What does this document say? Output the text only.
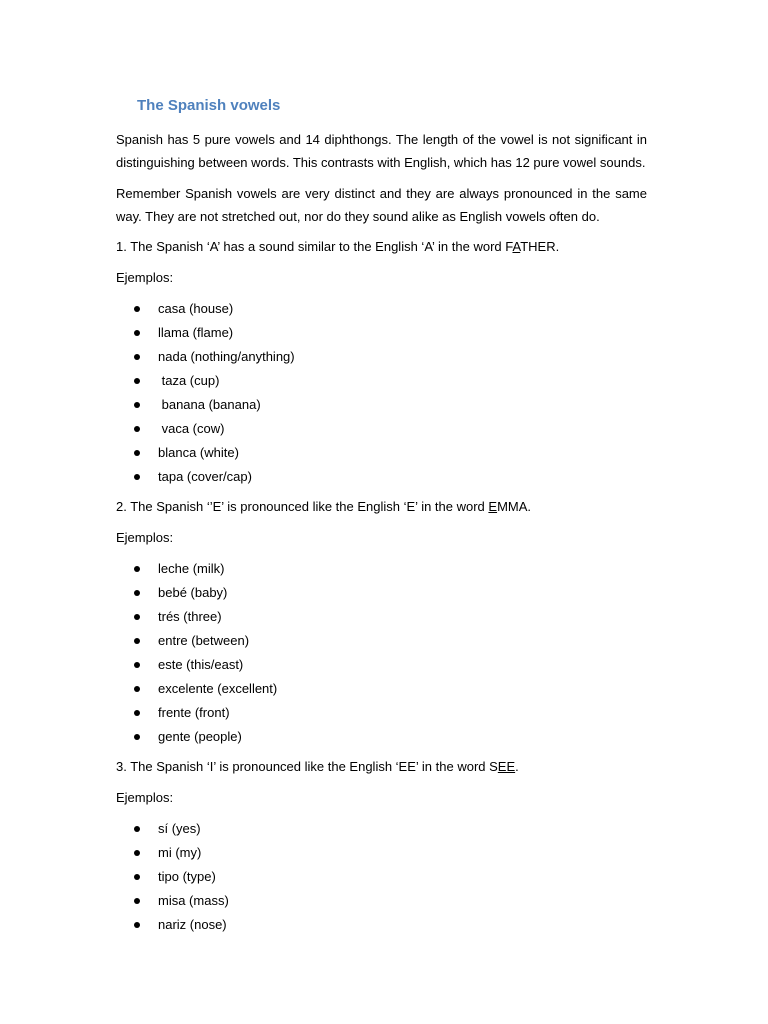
The Spanish vowels

Spanish has 5 pure vowels and 14 diphthongs. The length of the vowel is not significant in distinguishing between words. This contrasts with English, which has 12 pure vowel sounds.

Remember Spanish vowels are very distinct and they are always pronounced in the same way. They are not stretched out, nor do they sound alike as English vowels often do.

1. The Spanish ‘A’ has a sound similar to the English ‘A’ in the word FATHER.

Ejemplos:

casa (house)
llama (flame)
nada (nothing/anything)
taza (cup)
banana (banana)
vaca (cow)
blanca (white)
tapa (cover/cap)

2. The Spanish ‘’E’ is pronounced like the English ‘E’ in the word EMMA.

Ejemplos:

leche (milk)
bebé (baby)
trés (three)
entre (between)
este (this/east)
excelente (excellent)
frente (front)
gente (people)

3. The Spanish ‘I’ is pronounced like the English ‘EE’ in the word SEE.

Ejemplos:

sí (yes)
mi (my)
tipo (type)
misa (mass)
nariz (nose)
